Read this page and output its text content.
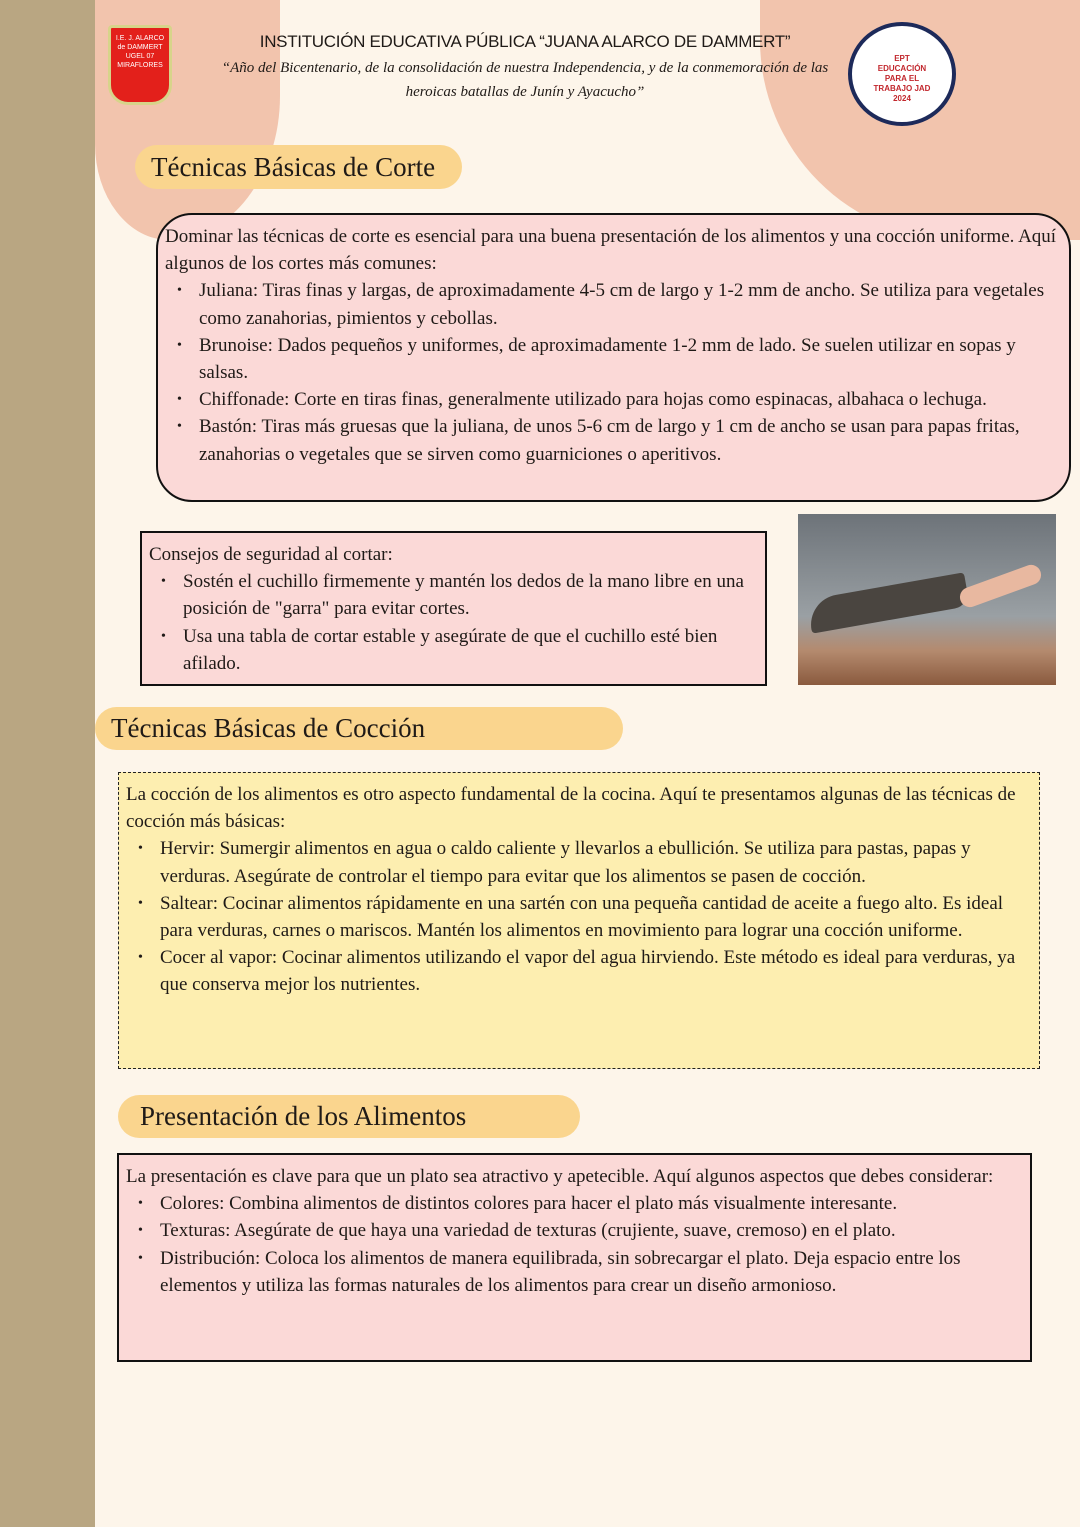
I.E. J. ALARCO de DAMMERT UGEL 07 MIRAFLORES
EPT EDUCACIÓN PARA EL TRABAJO JAD 2024
INSTITUCIÓN EDUCATIVA PÚBLICA “JUANA ALARCO DE DAMMERT”
“Año del Bicentenario, de la consolidación de nuestra Independencia, y de la conmemoración de las heroicas batallas de Junín y Ayacucho”
Técnicas Básicas de Corte

Dominar las técnicas de corte es esencial para una buena presentación de los alimentos y una cocción uniforme. Aquí algunos de los cortes más comunes:

• Juliana: Tiras finas y largas, de aproximadamente 4-5 cm de largo y 1-2 mm de ancho. Se utiliza para vegetales como zanahorias, pimientos y cebollas.
• Brunoise: Dados pequeños y uniformes, de aproximadamente 1-2 mm de lado. Se suelen utilizar en sopas y salsas.
• Chiffonade: Corte en tiras finas, generalmente utilizado para hojas como espinacas, albahaca o lechuga.
• Bastón: Tiras más gruesas que la juliana, de unos 5-6 cm de largo y 1 cm de ancho se usan para papas fritas, zanahorias o vegetales que se sirven como guarniciones o aperitivos.

Consejos de seguridad al cortar:

• Sostén el cuchillo firmemente y mantén los dedos de la mano libre en una posición de "garra" para evitar cortes.
• Usa una tabla de cortar estable y asegúrate de que el cuchillo esté bien afilado.
Técnicas Básicas de Cocción

La cocción de los alimentos es otro aspecto fundamental de la cocina. Aquí te presentamos algunas de las técnicas de cocción más básicas:

• Hervir: Sumergir alimentos en agua o caldo caliente y llevarlos a ebullición. Se utiliza para pastas, papas y verduras. Asegúrate de controlar el tiempo para evitar que los alimentos se pasen de cocción.
• Saltear: Cocinar alimentos rápidamente en una sartén con una pequeña cantidad de aceite a fuego alto. Es ideal para verduras, carnes o mariscos. Mantén los alimentos en movimiento para lograr una cocción uniforme.
• Cocer al vapor: Cocinar alimentos utilizando el vapor del agua hirviendo. Este método es ideal para verduras, ya que conserva mejor los nutrientes.
Presentación de los Alimentos

La presentación es clave para que un plato sea atractivo y apetecible. Aquí algunos aspectos que debes considerar:

• Colores: Combina alimentos de distintos colores para hacer el plato más visualmente interesante.
• Texturas: Asegúrate de que haya una variedad de texturas (crujiente, suave, cremoso) en el plato.
• Distribución: Coloca los alimentos de manera equilibrada, sin sobrecargar el plato. Deja espacio entre los elementos y utiliza las formas naturales de los alimentos para crear un diseño armonioso.
